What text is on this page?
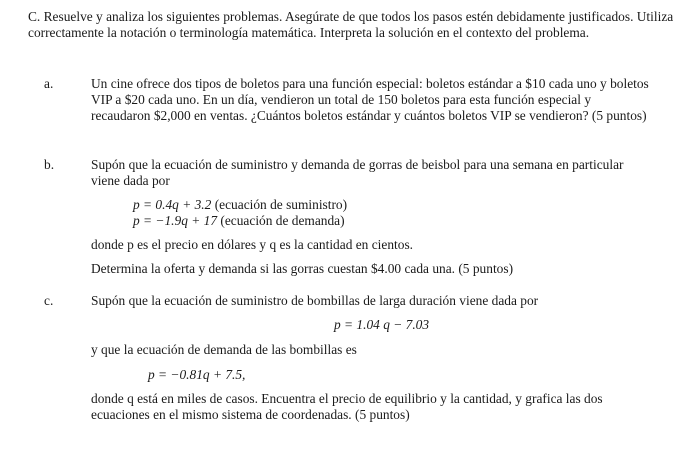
C. Resuelve y analiza los siguientes problemas. Asegúrate de que todos los pasos estén debidamente justificados. Utiliza correctamente la notación o terminología matemática. Interpreta la solución en el contexto del problema.

a.	Un cine ofrece dos tipos de boletos para una función especial: boletos estándar a $10 cada uno y boletos VIP a $20 cada uno. En un día, vendieron un total de 150 boletos para esta función especial y recaudaron $2,000 en ventas. ¿Cuántos boletos estándar y cuántos boletos VIP se vendieron? (5 puntos)

b.	Supón que la ecuación de suministro y demanda de gorras de beisbol para una semana en particular viene dada por

p = 0.4q + 3.2 (ecuación de suministro)
p = −1.9q + 17 (ecuación de demanda)

donde p es el precio en dólares y q es la cantidad en cientos.

Determina la oferta y demanda si las gorras cuestan $4.00 cada una. (5 puntos)

c.	Supón que la ecuación de suministro de bombillas de larga duración viene dada por

p = 1.04 q − 7.03

y que la ecuación de demanda de las bombillas es

p = −0.81q + 7.5,

donde q está en miles de casos. Encuentra el precio de equilibrio y la cantidad, y grafica las dos ecuaciones en el mismo sistema de coordenadas. (5 puntos)
